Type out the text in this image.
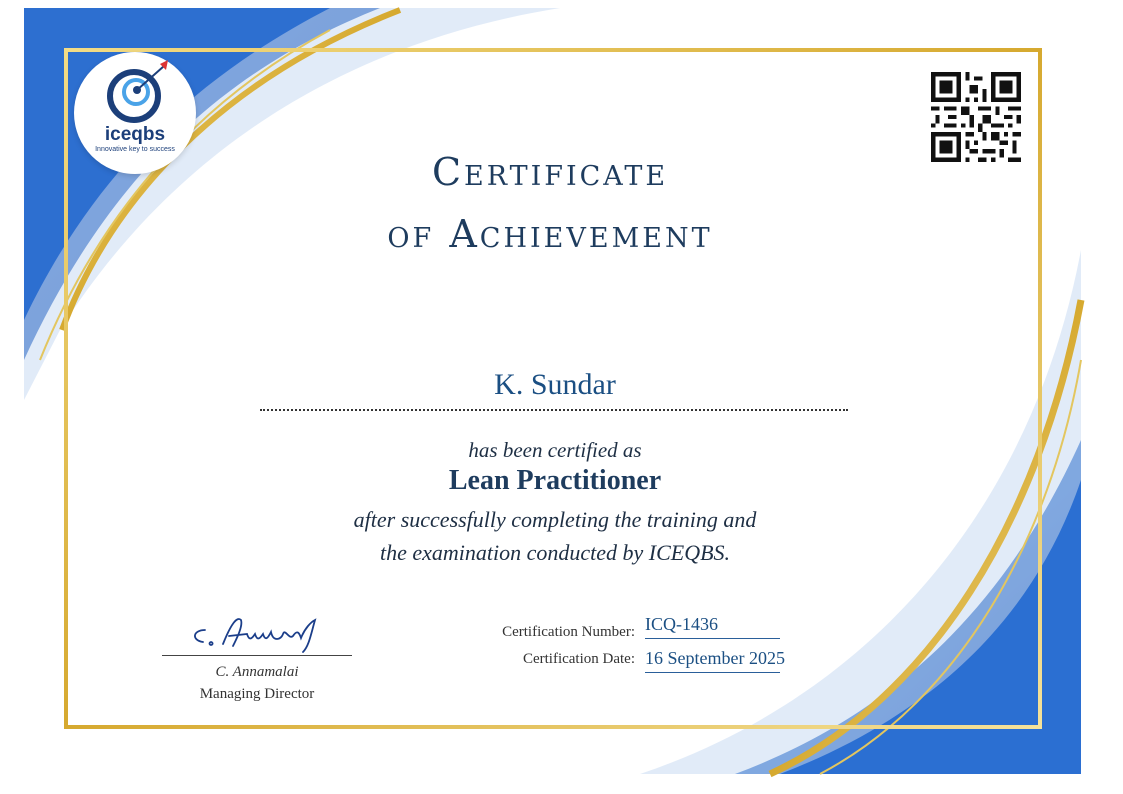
iceqbs
Innovative key to success
Certificate
of Achievement
K. Sundar
has been certified as
Lean Practitioner
after successfully completing the training and
the examination conducted by ICEQBS.
C. Annamalai
Managing Director
Certification Number: ICQ-1436
Certification Date: 16 September 2025
